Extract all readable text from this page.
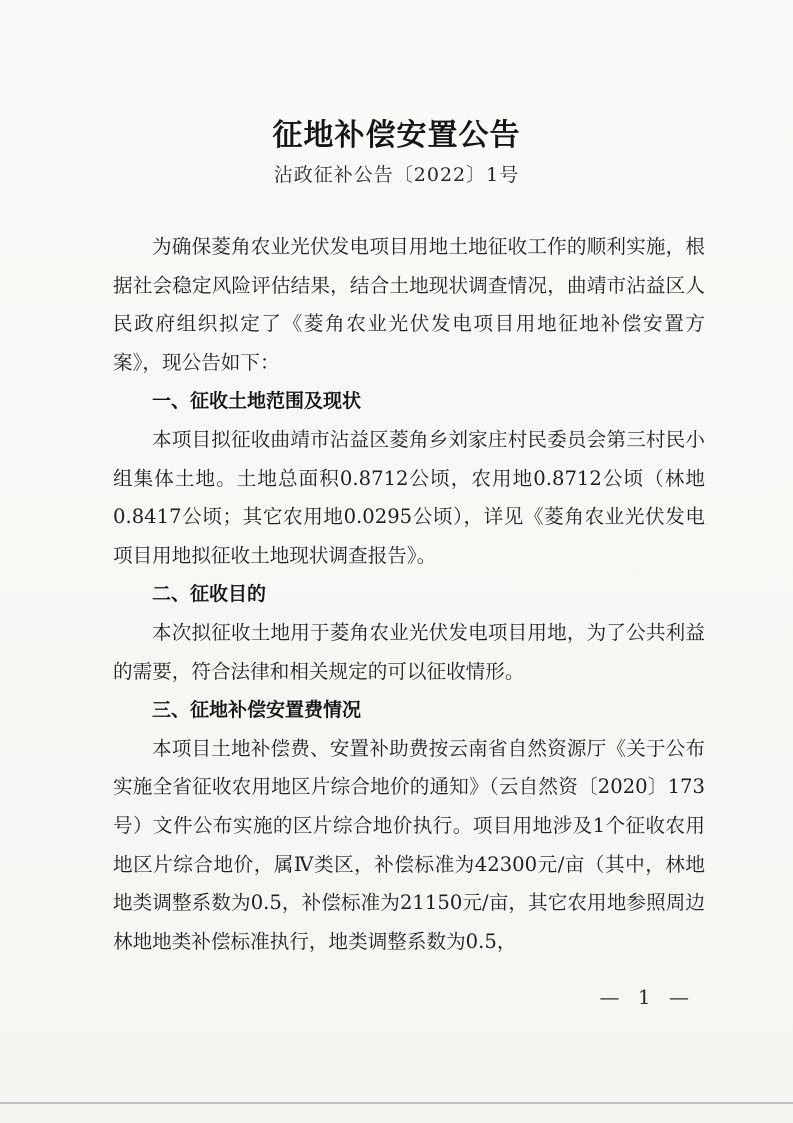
征地补偿安置公告
沾政征补公告〔2022〕1号

为确保菱角农业光伏发电项目用地土地征收工作的顺利实施，根据社会稳定风险评估结果，结合土地现状调查情况，曲靖市沾益区人民政府组织拟定了《菱角农业光伏发电项目用地征地补偿安置方案》，现公告如下：

一、征收土地范围及现状

本项目拟征收曲靖市沾益区菱角乡刘家庄村民委员会第三村民小组集体土地。土地总面积0.8712公顷，农用地0.8712公顷（林地0.8417公顷；其它农用地0.0295公顷），详见《菱角农业光伏发电项目用地拟征收土地现状调查报告》。

二、征收目的

本次拟征收土地用于菱角农业光伏发电项目用地，为了公共利益的需要，符合法律和相关规定的可以征收情形。

三、征地补偿安置费情况

本项目土地补偿费、安置补助费按云南省自然资源厅《关于公布实施全省征收农用地区片综合地价的通知》（云自然资〔2020〕173号）文件公布实施的区片综合地价执行。项目用地涉及1个征收农用地区片综合地价，属Ⅳ类区，补偿标准为42300元/亩（其中，林地地类调整系数为0.5，补偿标准为21150元/亩，其它农用地参照周边林地地类补偿标准执行，地类调整系数为0.5，

— 1 —
